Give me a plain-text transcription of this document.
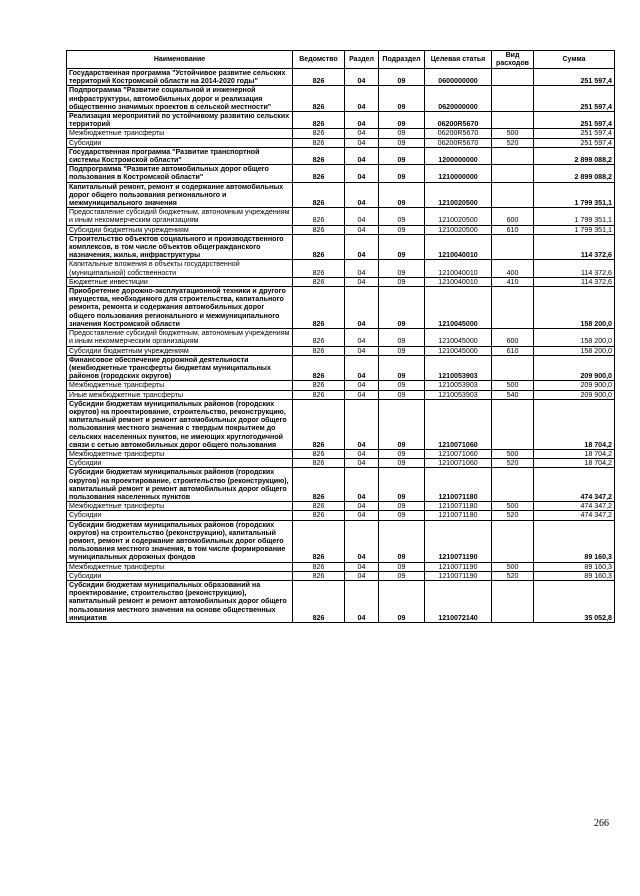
Наименование	Ведомство	Раздел	Подраздел	Целевая статья	Вид расходов	Сумма
Государственная программа "Устойчивое развитие сельских территорий Костромской области на 2014-2020 годы"	826	04	09	0600000000		251 597,4
Подпрограмма "Развитие социальной и инженерной инфраструктуры, автомобильных дорог и реализация общественно значимых проектов в сельской местности"	826	04	09	0620000000		251 597,4
Реализация мероприятий по устойчивому развитию сельских территорий	826	04	09	06200R5670		251 597,4
Межбюджетные трансферты	826	04	09	06200R5670	500	251 597,4
Субсидии	826	04	09	06200R5670	520	251 597,4
Государственная программа "Развитие транспортной системы Костромской области"	826	04	09	1200000000		2 899 088,2
Подпрограмма "Развитие автомобильных дорог общего пользования в Костромской области"	826	04	09	1210000000		2 899 088,2
Капитальный ремонт, ремонт и содержание автомобильных дорог общего пользования регионального и межмуниципального значения	826	04	09	1210020500		1 799 351,1
Предоставление субсидий бюджетным, автономным учреждениям и иным некоммерческим организациям	826	04	09	1210020500	600	1 799 351,1
Субсидии бюджетным учреждениям	826	04	09	1210020500	610	1 799 351,1
Строительство объектов социального и производственного комплексов, в том числе объектов общегражданского назначения, жилья, инфраструктуры	826	04	09	1210040010		114 372,6
Капитальные вложения в объекты государственной (муниципальной) собственности	826	04	09	1210040010	400	114 372,6
Бюджетные инвестиции	826	04	09	1210040010	410	114 372,6
Приобретение дорожно-эксплуатационной техники и другого имущества, необходимого для строительства, капитального ремонта, ремонта и содержания автомобильных дорог общего пользования регионального и межмуниципального значения Костромской области	826	04	09	1210045000		158 200,0
Предоставление субсидий бюджетным, автономным учреждениям и иным некоммерческим организациям	826	04	09	1210045000	600	158 200,0
Субсидии бюджетным учреждениям	826	04	09	1210045000	610	158 200,0
Финансовое обеспечение дорожной деятельности (межбюджетные трансферты бюджетам муниципальных районов (городских округов)	826	04	09	1210053903		209 900,0
Межбюджетные трансферты	826	04	09	1210053903	500	209 900,0
Иные межбюджетные трансферты	826	04	09	1210053903	540	209 900,0
Субсидии бюджетам муниципальных районов (городских округов) на проектирование, строительство, реконструкцию, капитальный ремонт и ремонт автомобильных дорог общего пользования местного значения с твердым покрытием до сельских населенных пунктов, не имеющих круглогодичной связи с сетью автомобильных дорог общего пользования	826	04	09	1210071060		18 704,2
Межбюджетные трансферты	826	04	09	1210071060	500	18 704,2
Субсидии	826	04	09	1210071060	520	18 704,2
Субсидии бюджетам муниципальных районов (городских округов) на проектирование, строительство (реконструкцию), капитальный ремонт и ремонт автомобильных дорог общего пользования населенных пунктов	826	04	09	1210071180		474 347,2
Межбюджетные трансферты	826	04	09	1210071180	500	474 347,2
Субсидии	826	04	09	1210071180	520	474 347,2
Субсидии бюджетам муниципальных районов (городских округов) на строительство (реконструкцию), капитальный ремонт, ремонт и содержание автомобильных дорог общего пользования местного значения, в том числе формирование муниципальных дорожных фондов	826	04	09	1210071190		89 160,3
Межбюджетные трансферты	826	04	09	1210071190	500	89 160,3
Субсидии	826	04	09	1210071190	520	89 160,3
Субсидии бюджетам муниципальных образований на проектирование, строительство (реконструкцию), капитальный ремонт и ремонт автомобильных дорог общего пользования местного значения на основе общественных инициатив	826	04	09	1210072140		35 052,8
266
